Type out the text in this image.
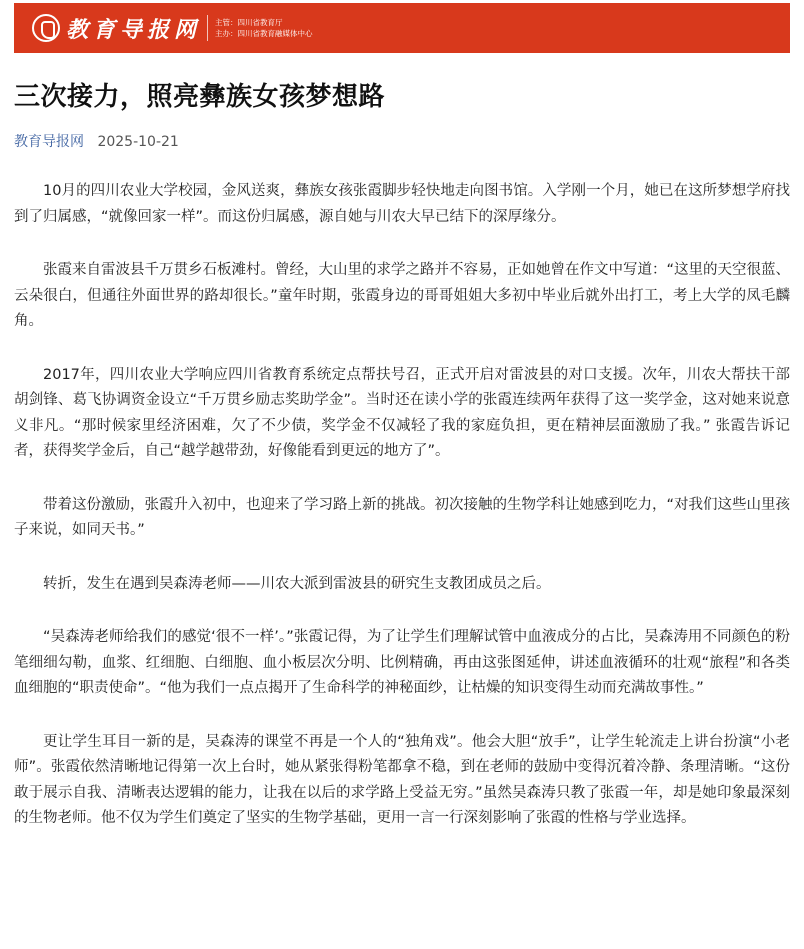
教育导报网 主管：四川省教育厅
主办：四川省教育融媒体中心
三次接力，照亮彝族女孩梦想路
教育导报网 2025-10-21

10月的四川农业大学校园，金风送爽，彝族女孩张霞脚步轻快地走向图书馆。入学刚一个月，她已在这所梦想学府找到了归属感，“就像回家一样”。而这份归属感，源自她与川农大早已结下的深厚缘分。

张霞来自雷波县千万贯乡石板滩村。曾经，大山里的求学之路并不容易，正如她曾在作文中写道：“这里的天空很蓝、云朵很白，但通往外面世界的路却很长。”童年时期，张霞身边的哥哥姐姐大多初中毕业后就外出打工，考上大学的凤毛麟角。

2017年，四川农业大学响应四川省教育系统定点帮扶号召，正式开启对雷波县的对口支援。次年，川农大帮扶干部胡剑锋、葛飞协调资金设立“千万贯乡励志奖助学金”。当时还在读小学的张霞连续两年获得了这一奖学金，这对她来说意义非凡。“那时候家里经济困难，欠了不少债，奖学金不仅减轻了我的家庭负担，更在精神层面激励了我。” 张霞告诉记者，获得奖学金后，自己“越学越带劲，好像能看到更远的地方了”。

带着这份激励，张霞升入初中，也迎来了学习路上新的挑战。初次接触的生物学科让她感到吃力，“对我们这些山里孩子来说，如同天书。”

转折，发生在遇到吴森涛老师——川农大派到雷波县的研究生支教团成员之后。

“吴森涛老师给我们的感觉‘很不一样’。”张霞记得，为了让学生们理解试管中血液成分的占比，吴森涛用不同颜色的粉笔细细勾勒，血浆、红细胞、白细胞、血小板层次分明、比例精确，再由这张图延伸，讲述血液循环的壮观“旅程”和各类血细胞的“职责使命”。“他为我们一点点揭开了生命科学的神秘面纱，让枯燥的知识变得生动而充满故事性。”

更让学生耳目一新的是，吴森涛的课堂不再是一个人的“独角戏”。他会大胆“放手”，让学生轮流走上讲台扮演“小老师”。张霞依然清晰地记得第一次上台时，她从紧张得粉笔都拿不稳，到在老师的鼓励中变得沉着冷静、条理清晰。“这份敢于展示自我、清晰表达逻辑的能力，让我在以后的求学路上受益无穷。”虽然吴森涛只教了张霞一年，却是她印象最深刻的生物老师。他不仅为学生们奠定了坚实的生物学基础，更用一言一行深刻影响了张霞的性格与学业选择。
